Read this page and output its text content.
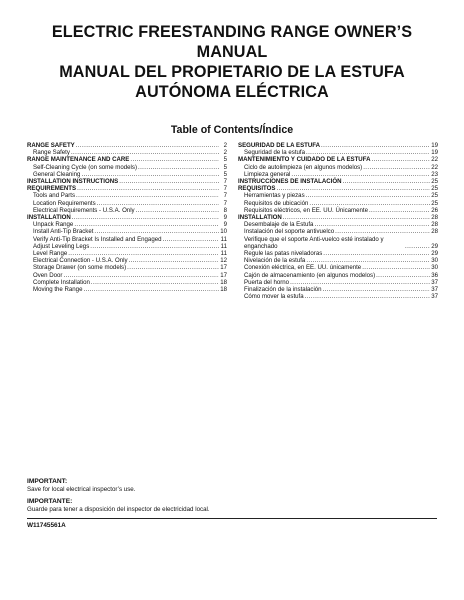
ELECTRIC FREESTANDING RANGE OWNER’S
MANUAL
MANUAL DEL PROPIETARIO DE LA ESTUFA
AUTÓNOMA ELÉCTRICA
Table of Contents/Índice
RANGE SAFETY .....	2
Range Safety .....	2
RANGE MAINTENANCE AND CARE .....	5
Self-Cleaning Cycle (on some models) .....	5
General Cleaning .....	5
INSTALLATION INSTRUCTIONS .....	7
REQUIREMENTS .....	7
Tools and Parts .....	7
Location Requirements .....	7
Electrical Requirements - U.S.A. Only .....	8
INSTALLATION .....	9
Unpack Range .....	9
Install Anti-Tip Bracket .....	10
Verify Anti-Tip Bracket Is Installed and Engaged .....	11
Adjust Leveling Legs .....	11
Level Range .....	11
Electrical Connection - U.S.A. Only .....	12
Storage Drawer (on some models) .....	17
Oven Door .....	17
Complete Installation .....	18
Moving the Range .....	18
SEGURIDAD DE LA ESTUFA .....	19
Seguridad de la estufa .....	19
MANTENIMIENTO Y CUIDADO DE LA ESTUFA .....	22
Ciclo de autolimpieza (en algunos modelos) .....	22
Limpieza general .....	23
INSTRUCCIONES DE INSTALACIÓN .....	25
REQUISITOS .....	25
Herramientas y piezas .....	25
Requisitos de ubicación .....	25
Requisitos eléctricos, en EE. UU. Únicamente .....	26
INSTALLATION .....	28
Desembalaje de la Estufa .....	28
Instalación del soporte antivuelco .....	28
Verifique que el soporte Anti-vuelco esté instalado y enganchado .....	29
Regule las patas niveladoras .....	29
Nivelación de la estufa .....	30
Conexión eléctrica, en EE. UU. únicamente .....	30
Cajón de almacenamiento (en algunos modelos) .....	36
Puerta del horno .....	37
Finalización de la instalación .....	37
Cómo mover la estufa .....	37
IMPORTANT:
Save for local electrical inspector’s use.
IMPORTANTE:
Guarde para tener a disposición del inspector de electricidad local.
W11745561A
